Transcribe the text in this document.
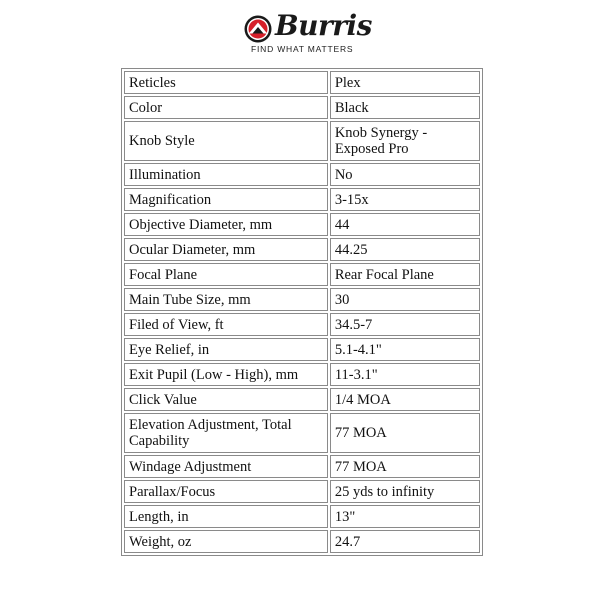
Burris
FIND WHAT MATTERS
Reticles	Plex
Color	Black
Knob Style	Knob Synergy - Exposed Pro
Illumination	No
Magnification	3-15x
Objective Diameter, mm	44
Ocular Diameter, mm	44.25
Focal Plane	Rear Focal Plane
Main Tube Size, mm	30
Filed of View, ft	34.5-7
Eye Relief, in	5.1-4.1"
Exit Pupil (Low - High), mm	11-3.1"
Click Value	1/4 MOA
Elevation Adjustment, Total Capability	77 MOA
Windage Adjustment	77 MOA
Parallax/Focus	25 yds to infinity
Length, in	13"
Weight, oz	24.7
